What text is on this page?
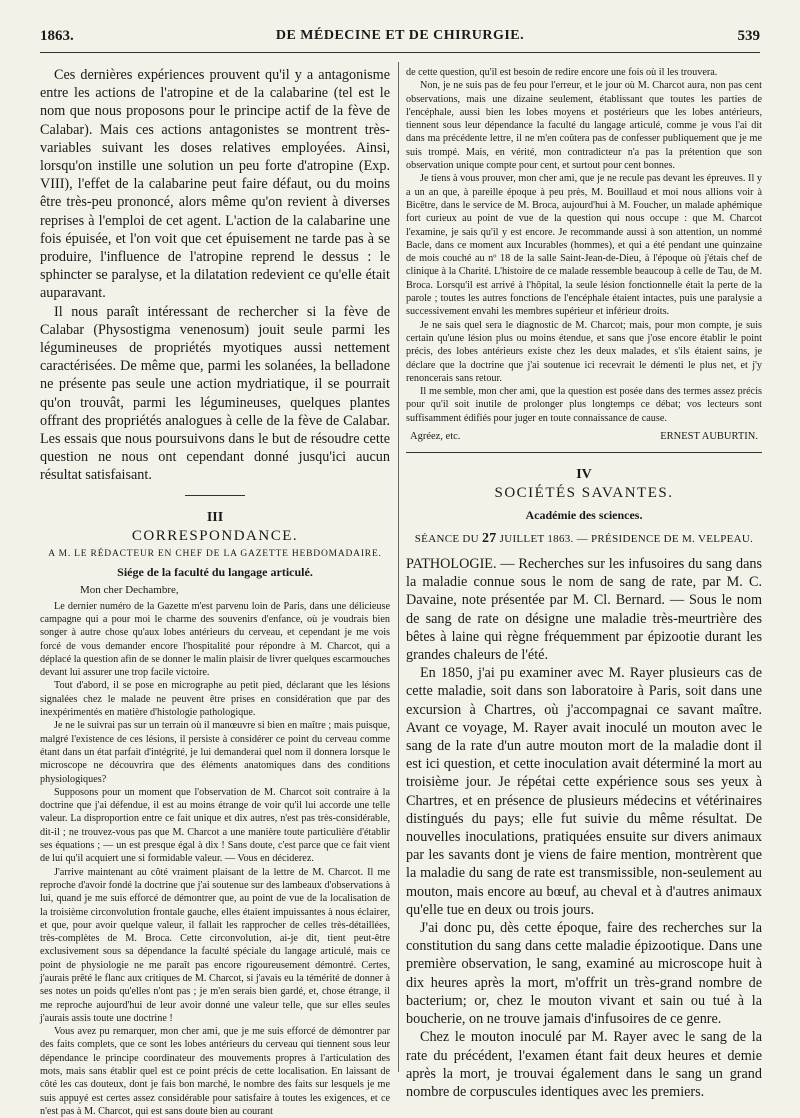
1863.	DE MÉDECINE ET DE CHIRURGIE.	539

Ces dernières expériences prouvent qu'il y a antagonisme entre les actions de l'atropine et de la calabarine (tel est le nom que nous proposons pour le principe actif de la fève de Calabar). Mais ces actions antagonistes se montrent très-variables suivant les doses relatives employées. Ainsi, lorsqu'on instille une solution un peu forte d'atropine (Exp. VIII), l'effet de la calabarine peut faire défaut, ou du moins être très-peu prononcé, alors même qu'on revient à diverses reprises à l'emploi de cet agent. L'action de la calabarine une fois épuisée, et l'on voit que cet épuisement ne tarde pas à se produire, l'influence de l'atropine reprend le dessus : le sphincter se paralyse, et la dilatation redevient ce qu'elle était auparavant.

Il nous paraît intéressant de rechercher si la fève de Calabar (Physostigma venenosum) jouit seule parmi les légumineuses de propriétés myotiques aussi nettement caractérisées. De même que, parmi les solanées, la belladone ne présente pas seule une action mydriatique, il se pourrait qu'on trouvât, parmi les légumineuses, quelques plantes offrant des propriétés analogues à celle de la fève de Calabar. Les essais que nous poursuivons dans le but de résoudre cette question ne nous ont cependant donné jusqu'ici aucun résultat satisfaisant.

III
CORRESPONDANCE.
A M. LE RÉDACTEUR EN CHEF DE LA GAZETTE HEBDOMADAIRE.
Siége de la faculté du langage articulé.
Mon cher Dechambre,

Le dernier numéro de la Gazette m'est parvenu loin de Paris, dans une délicieuse campagne qui a pour moi le charme des souvenirs d'enfance, où je voudrais bien songer à autre chose qu'aux lobes antérieurs du cerveau, et cependant je me vois forcé de vous demander encore l'hospitalité pour répondre à M. Charcot, qui a déplacé la question afin de se donner le malin plaisir de livrer quelques escarmouches devant lui assurer une trop facile victoire.

Tout d'abord, il se pose en micrographe au petit pied, déclarant que les lésions signalées chez le malade ne peuvent être prises en considération que par des inexpérimentés en matière d'histologie pathologique.

Je ne le suivrai pas sur un terrain où il manœuvre si bien en maître ; mais puisque, malgré l'existence de ces lésions, il persiste à considérer ce point du cerveau comme étant dans un état parfait d'intégrité, je lui demanderai quel nom il donnera lorsque le microscope ne découvrira que des éléments anatomiques dans des conditions physiologiques?

Supposons pour un moment que l'observation de M. Charcot soit contraire à la doctrine que j'ai défendue, il est au moins étrange de voir qu'il lui accorde une telle valeur. La disproportion entre ce fait unique et dix autres, n'est pas très-considérable, dit-il ; ne trouvez-vous pas que M. Charcot a une manière toute particulière d'établir ses équations ; — un est presque égal à dix ! Sans doute, c'est parce que ce fait vient de lui qu'il acquiert une si formidable valeur. — Vous en déciderez.

J'arrive maintenant au côté vraiment plaisant de la lettre de M. Charcot. Il me reproche d'avoir fondé la doctrine que j'ai soutenue sur des lambeaux d'observations à lui, quand je me suis efforcé de démontrer que, au point de vue de la localisation de la troisième circonvolution frontale gauche, elles étaient impuissantes à nous éclairer, et que, pour avoir quelque valeur, il fallait les rapprocher de celles très-détaillées, très-complètes de M. Broca. Cette circonvolution, ai-je dit, tient peut-être exclusivement sous sa dépendance la faculté spéciale du langage articulé, mais ce point de physiologie ne me paraît pas encore rigoureusement démontré. Certes, j'aurais prêté le flanc aux critiques de M. Charcot, si j'avais eu la témérité de donner à ses notes un poids qu'elles n'ont pas ; je m'en serais bien gardé, et, chose étrange, il me reproche aujourd'hui de leur avoir donné une valeur telle, que sur elles seules j'aurais assis toute une doctrine !

Vous avez pu remarquer, mon cher ami, que je me suis efforcé de démontrer par des faits complets, que ce sont les lobes antérieurs du cerveau qui tiennent sous leur dépendance le principe coordinateur des mouvements propres à l'articulation des mots, mais sans établir quel est ce point précis de cette localisation. En laissant de côté les cas douteux, dont je fais bon marché, le nombre des faits sur lesquels je me suis appuyé est certes assez considérable pour satisfaire à toutes les exigences, et ce n'est pas à M. Charcot, qui est sans doute bien au courant

de cette question, qu'il est besoin de redire encore une fois où il les trouvera.

Non, je ne suis pas de feu pour l'erreur, et le jour où M. Charcot aura, non pas cent observations, mais une dizaine seulement, établissant que toutes les parties de l'encéphale, aussi bien les lobes moyens et postérieurs que les lobes antérieurs, tiennent sous leur dépendance la faculté du langage articulé, comme je vous l'ai dit dans ma précédente lettre, il ne m'en coûtera pas de confesser publiquement que je me suis trompé. Mais, en vérité, mon contradicteur n'a pas la prétention que son observation unique compte pour cent, et surtout pour cent bonnes.

Je tiens à vous prouver, mon cher ami, que je ne recule pas devant les épreuves. Il y a un an que, à pareille époque à peu près, M. Bouillaud et moi nous allions voir à Bicêtre, dans le service de M. Broca, aujourd'hui à M. Foucher, un malade aphémique fort curieux au point de vue de la question qui nous occupe : que M. Charcot l'examine, je sais qu'il y est encore. Je recommande aussi à son attention, un nommé Bacle, dans ce moment aux Incurables (hommes), et qui a été pendant une quinzaine de mois couché au nº 18 de la salle Saint-Jean-de-Dieu, à l'époque où j'étais chef de clinique à la Charité. L'histoire de ce malade ressemble beaucoup à celle de Tau, de M. Broca. Lorsqu'il est arrivé à l'hôpital, la seule lésion fonctionnelle était la perte de la parole ; toutes les autres fonctions de l'encéphale étaient intactes, puis une paralysie a successivement envahi les membres supérieur et inférieur droits.

Je ne sais quel sera le diagnostic de M. Charcot; mais, pour mon compte, je suis certain qu'une lésion plus ou moins étendue, et sans que j'ose encore établir le point précis, des lobes antérieurs existe chez les deux malades, et s'ils étaient sains, je déclare que la doctrine que j'ai soutenue ici recevrait le démenti le plus net, et j'y renoncerais sans retour.

Il me semble, mon cher ami, que la question est posée dans des termes assez précis pour qu'il soit inutile de prolonger plus longtemps ce débat; vos lecteurs sont suffisamment édifiés pour juger en toute connaissance de cause.

Agréez, etc.	ERNEST AUBURTIN.
IV
SOCIÉTÉS SAVANTES.
Académie des sciences.
SÉANCE DU 27 JUILLET 1863. — PRÉSIDENCE DE M. VELPEAU.

PATHOLOGIE. — Recherches sur les infusoires du sang dans la maladie connue sous le nom de sang de rate, par M. C. Davaine, note présentée par M. Cl. Bernard. — Sous le nom de sang de rate on désigne une maladie très-meurtrière des bêtes à laine qui règne fréquemment par épizootie durant les grandes chaleurs de l'été.

En 1850, j'ai pu examiner avec M. Rayer plusieurs cas de cette maladie, soit dans son laboratoire à Paris, soit dans une excursion à Chartres, où j'accompagnai ce savant maître. Avant ce voyage, M. Rayer avait inoculé un mouton avec le sang de la rate d'un autre mouton mort de la maladie dont il est ici question, et cette inoculation avait déterminé la mort au troisième jour. Je répétai cette expérience sous ses yeux à Chartres, et en présence de plusieurs médecins et vétérinaires distingués du pays; elle fut suivie du même résultat. De nouvelles inoculations, pratiquées ensuite sur divers animaux par les savants dont je viens de faire mention, montrèrent que la maladie du sang de rate est transmissible, non-seulement au mouton, mais encore au bœuf, au cheval et à d'autres animaux qu'elle tue en deux ou trois jours.

J'ai donc pu, dès cette époque, faire des recherches sur la constitution du sang dans cette maladie épizootique. Dans une première observation, le sang, examiné au microscope huit à dix heures après la mort, m'offrit un très-grand nombre de bacterium; or, chez le mouton vivant et sain ou tué à la boucherie, on ne trouve jamais d'infusoires de ce genre.

Chez le mouton inoculé par M. Rayer avec le sang de la rate du précédent, l'examen étant fait deux heures et demie après la mort, je trouvai également dans le sang un grand nombre de corpuscules identiques avec les premiers.
